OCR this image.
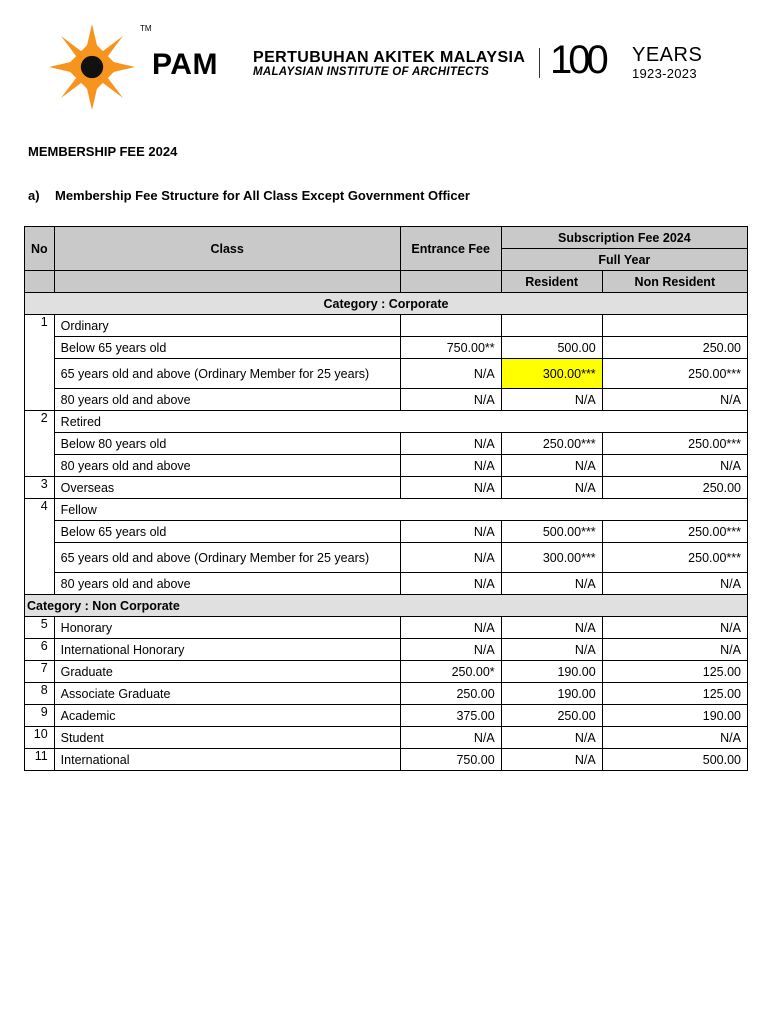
TM
PAM PERTUBUHAN AKITEK MALAYSIA
MALAYSIAN INSTITUTE OF ARCHITECTS 100 YEARS
1923-2023
MEMBERSHIP FEE 2024
a) Membership Fee Structure for All Class Except Government Officer
No	Class	Entrance Fee	Subscription Fee 2024	
			Full Year	
			Resident	Non Resident
Category : Corporate				
1	Ordinary			
	Below 65 years old	750.00**	500.00	250.00
	65 years old and above (Ordinary Member for 25 years)	N/A	300.00***	250.00***
	80 years old and above	N/A	N/A	N/A
2	Retired			
	Below 80 years old	N/A	250.00***	250.00***
	80 years old and above	N/A	N/A	N/A
3	Overseas	N/A	N/A	250.00
4	Fellow			
	Below 65 years old	N/A	500.00***	250.00***
	65 years old and above (Ordinary Member for 25 years)	N/A	300.00***	250.00***
	80 years old and above	N/A	N/A	N/A
Category : Non Corporate				
5	Honorary	N/A	N/A	N/A
6	International Honorary	N/A	N/A	N/A
7	Graduate	250.00*	190.00	125.00
8	Associate Graduate	250.00	190.00	125.00
9	Academic	375.00	250.00	190.00
10	Student	N/A	N/A	N/A
11	International	750.00	N/A	500.00
